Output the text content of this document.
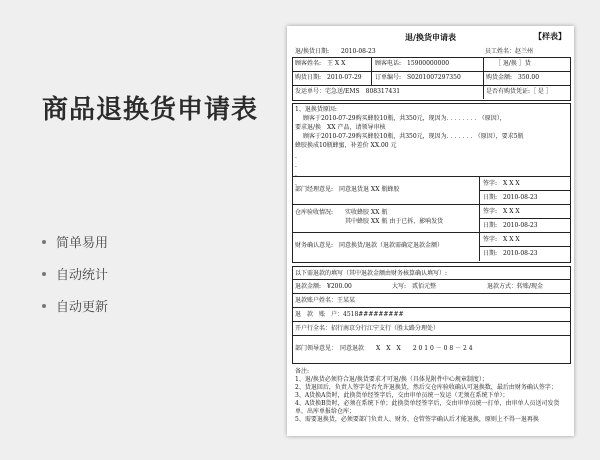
商品退换货申请表
简单易用
自动统计
自动更新
退/换货申请表	【样表】
退/换货日期:　　2010-08-23	员工姓名：赵兰州
顾客姓名:　王 X X	顾客电话:　15900000000	［ 退/换 ］货
购货日期:　2010-07-29 订单编号:　S0201007297350	购货金额:　350.00
发运单号：宅急送/EMS　808317431	是否有购货凭证:［ 是 ］
1、退换货原因:
顾客于2010-07-29购买蜂胶10瓶，共350元，现因为．．．．．．．．（原因），
要求退/换　XX 产品，请领导审核
顾客于2010-07-29购买蜂胶10瓶，共350元，现因为．．．．．．．（原因），要求5瓶
蜂胶换成10瓶蜂蜜，补差价 XX.00 元
.
.
.
.
部门经理意见:　同意退货退 XX 瓶蜂胶
签字:　X X X
日期:　2010-08-23
仓库验收情况: 实收蜂胶 XX 瓶
其中蜂胶 XX 瓶 由于已拆，影响发货
签字:　X X X
日期:　2010-08-23
财务确认意见:　同意换货/退款（退款需确定退款金额）
签字:　X X X
日期:　2010-08-23
以下需退款的填写（其中退款金额由财务核算确认填写）:
退款金额:　¥200.00	大写:　贰佰元整	退款方式：转账/现金
退款账户姓名：王某某
退　款　账　户：4518#########
开户行全名：招行南京分行江宁支行（胜太路分理处）
部门领导意见：　同意退款　　X　X　X　　2 0 1 0 － 0 8 － 2 4
备注:
1、退/换货必须符合退/换货要求才可退/换（具体见附件中心规章制度）；
2、货退回后，负责人签字是否允许退换货，然后交仓库验收确认可退换数，最后由财务确认签字；
3、A货换A货时，此换货单经签字后，交由审单员统一发运（无须在系统下单）；
4、A货换B货时，必须在系统下单；此换货单经签字后，交由审单员统一打单，由审单人员送司发货单，出库单报给仓库；
5、需要退换货，必须要部门负责人、财务、仓管签字确认后才能退换，原则上不得一退再换
